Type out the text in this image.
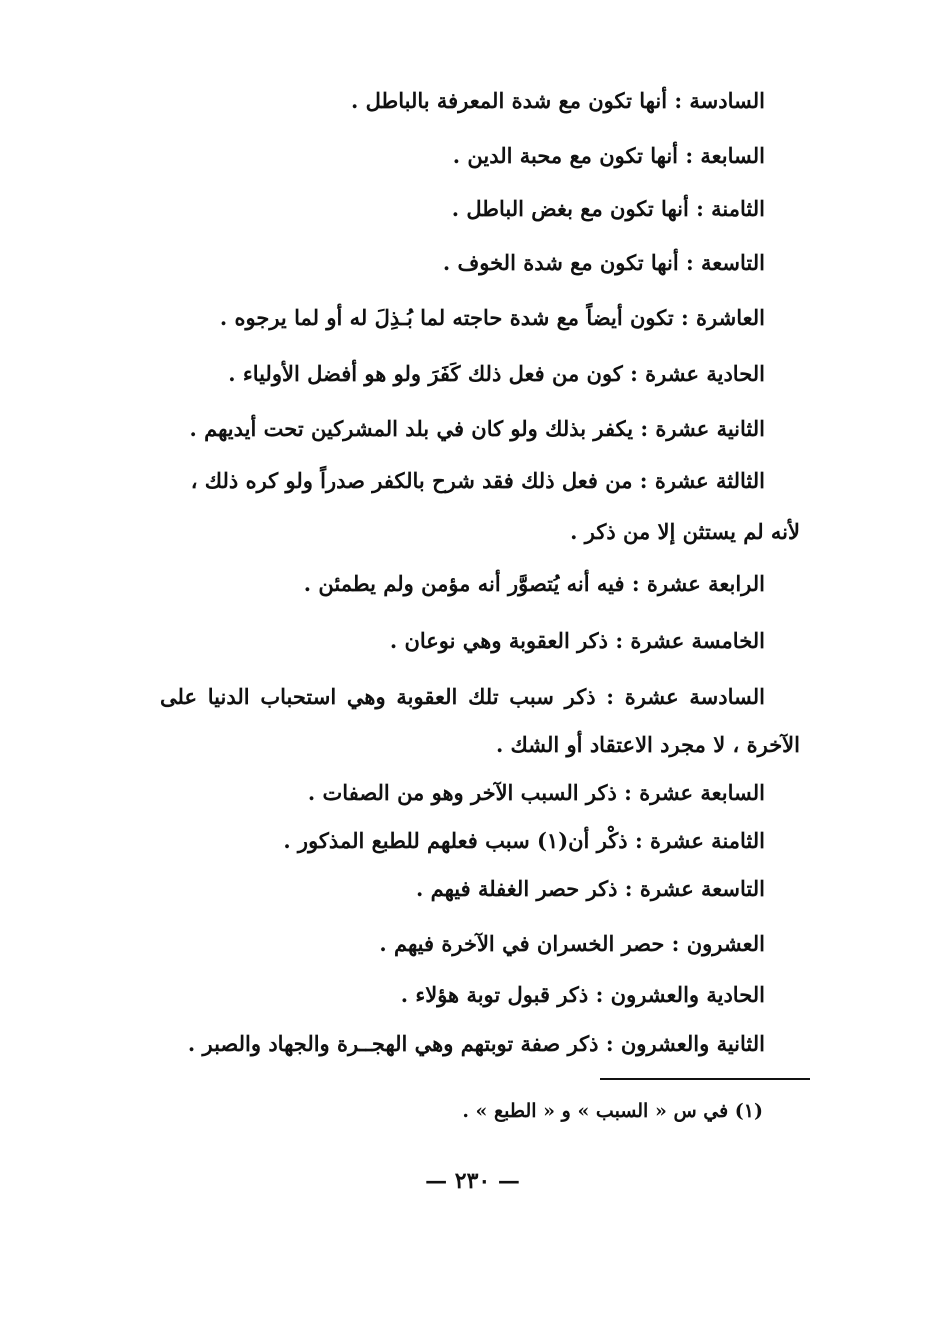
السادسة : أنها تكون مع شدة المعرفة بالباطل .
السابعة : أنها تكون مع محبة الدين .
الثامنة : أنها تكون مع بغض الباطل .
التاسعة : أنها تكون مع شدة الخوف .
العاشرة : تكون أيضاً مع شدة حاجته لما بُـذِلَ له أو لما يرجوه .
الحادية عشرة : كون من فعل ذلك كَفَرَ ولو هو أفضل الأولياء .
الثانية عشرة : يكفر بذلك ولو كان في بلد المشركين تحت أيديهم .
الثالثة عشرة : من فعل ذلك فقد شرح بالكفر صدراً ولو كره ذلك ،
لأنه لم يستثن إلا من ذكر .
الرابعة عشرة : فيه أنه يُتصوَّر أنه مؤمن ولم يطمئن .
الخامسة عشرة : ذكر العقوبة وهي نوعان .
السادسة عشرة : ذكر سبب تلك العقوبة وهي استحباب الدنيا على
الآخرة ، لا مجرد الاعتقاد أو الشك .
السابعة عشرة : ذكر السبب الآخر وهو من الصفات .
الثامنة عشرة : ذكْر أن(١) سبب فعلهم للطبع المذكور .
التاسعة عشرة : ذكر حصر الغفلة فيهم .
العشرون : حصر الخسران في الآخرة فيهم .
الحادية والعشرون : ذكر قبول توبة هؤلاء .
الثانية والعشرون : ذكر صفة توبتهم وهي الهجــرة والجهاد والصبر .
(١) في س « السبب » و « الطبع » .
— ٢٣٠ —
